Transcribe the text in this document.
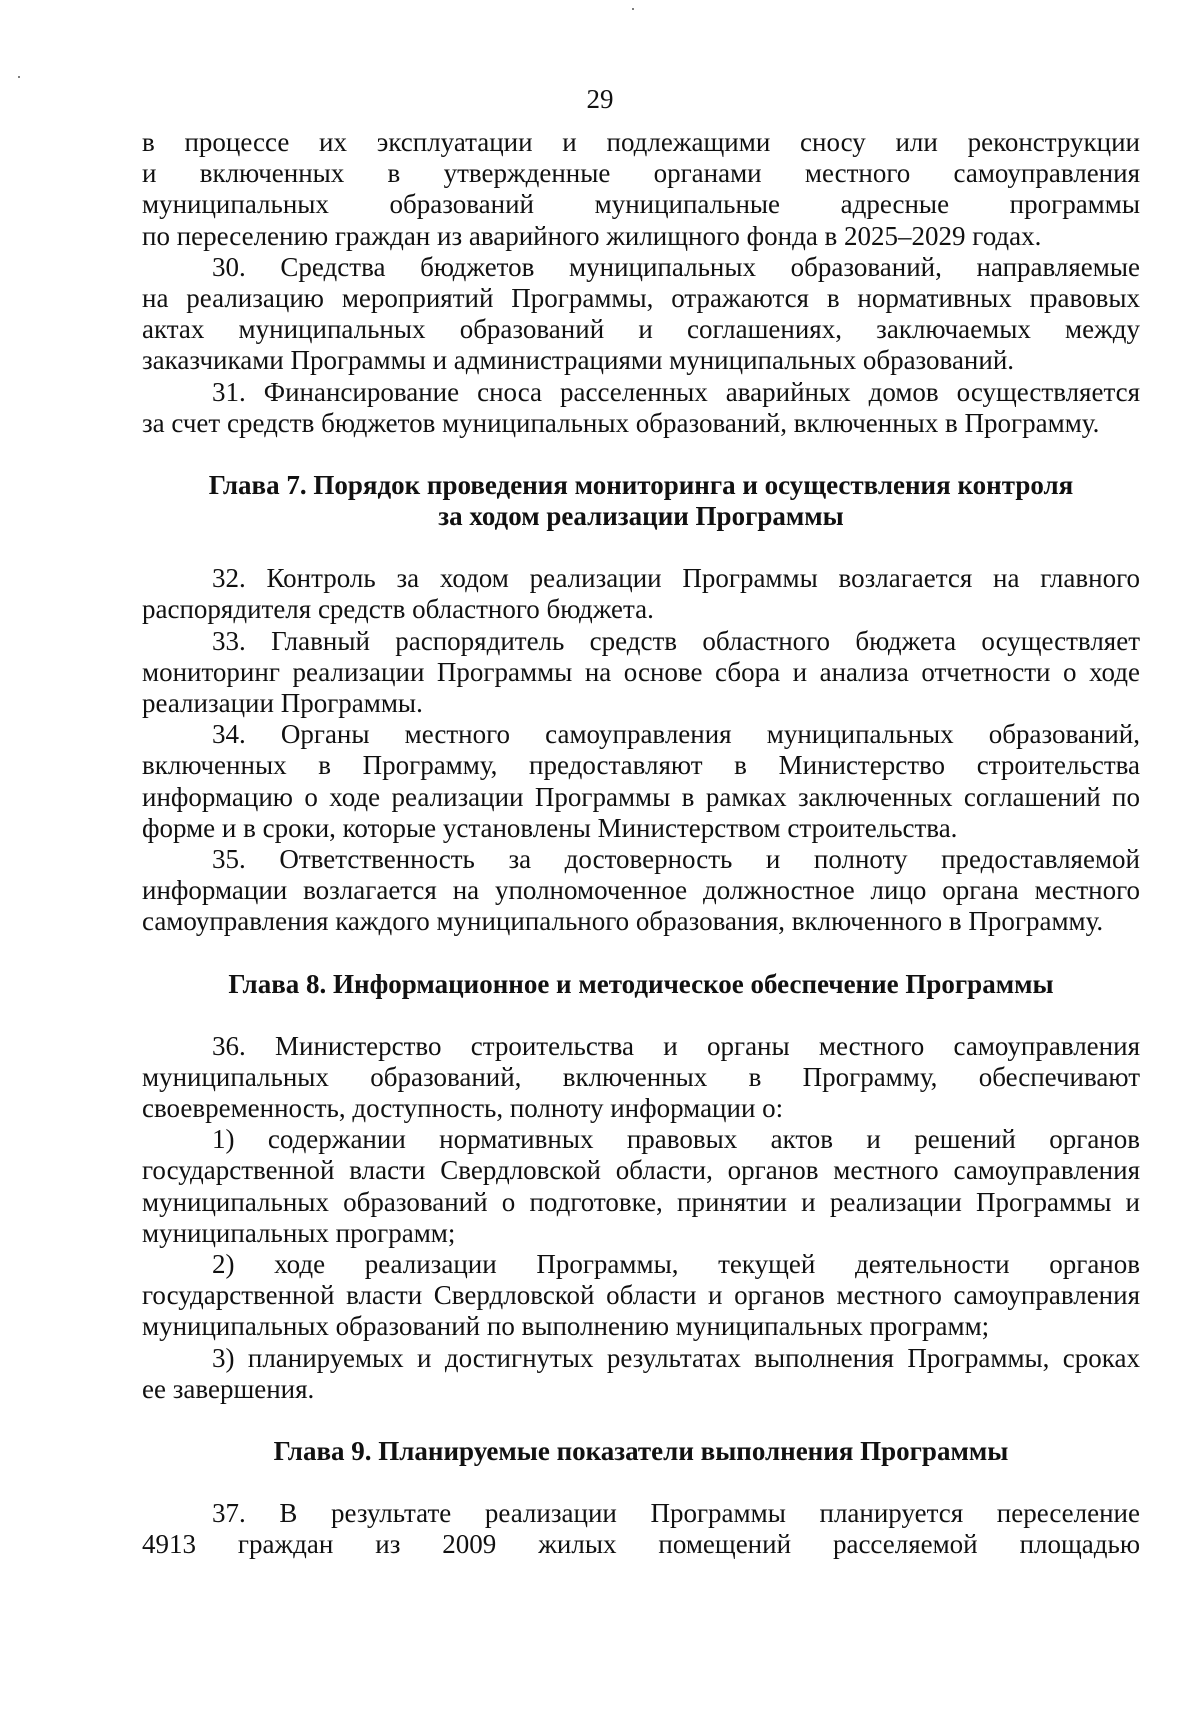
29
в процессе их эксплуатации и подлежащими сносу или реконструкции
и включенных в утвержденные органами местного самоуправления
муниципальных образований муниципальные адресные программы
по переселению граждан из аварийного жилищного фонда в 2025–2029 годах.
30. Средства бюджетов муниципальных образований, направляемые
на реализацию мероприятий Программы, отражаются в нормативных правовых
актах муниципальных образований и соглашениях, заключаемых между
заказчиками Программы и администрациями муниципальных образований.
31. Финансирование сноса расселенных аварийных домов осуществляется
за счет средств бюджетов муниципальных образований, включенных в Программу.
Глава 7. Порядок проведения мониторинга и осуществления контроля
за ходом реализации Программы
32. Контроль за ходом реализации Программы возлагается на главного
распорядителя средств областного бюджета.
33. Главный распорядитель средств областного бюджета осуществляет
мониторинг реализации Программы на основе сбора и анализа отчетности о ходе
реализации Программы.
34. Органы местного самоуправления муниципальных образований,
включенных в Программу, предоставляют в Министерство строительства
информацию о ходе реализации Программы в рамках заключенных соглашений по
форме и в сроки, которые установлены Министерством строительства.
35. Ответственность за достоверность и полноту предоставляемой
информации возлагается на уполномоченное должностное лицо органа местного
самоуправления каждого муниципального образования, включенного в Программу.
Глава 8. Информационное и методическое обеспечение Программы
36. Министерство строительства и органы местного самоуправления
муниципальных образований, включенных в Программу, обеспечивают
своевременность, доступность, полноту информации о:
1) содержании нормативных правовых актов и решений органов
государственной власти Свердловской области, органов местного самоуправления
муниципальных образований о подготовке, принятии и реализации Программы и
муниципальных программ;
2) ходе реализации Программы, текущей деятельности органов
государственной власти Свердловской области и органов местного самоуправления
муниципальных образований по выполнению муниципальных программ;
3) планируемых и достигнутых результатах выполнения Программы, сроках
ее завершения.
Глава 9. Планируемые показатели выполнения Программы
37. В результате реализации Программы планируется переселение
4913 граждан из 2009 жилых помещений расселяемой площадью
